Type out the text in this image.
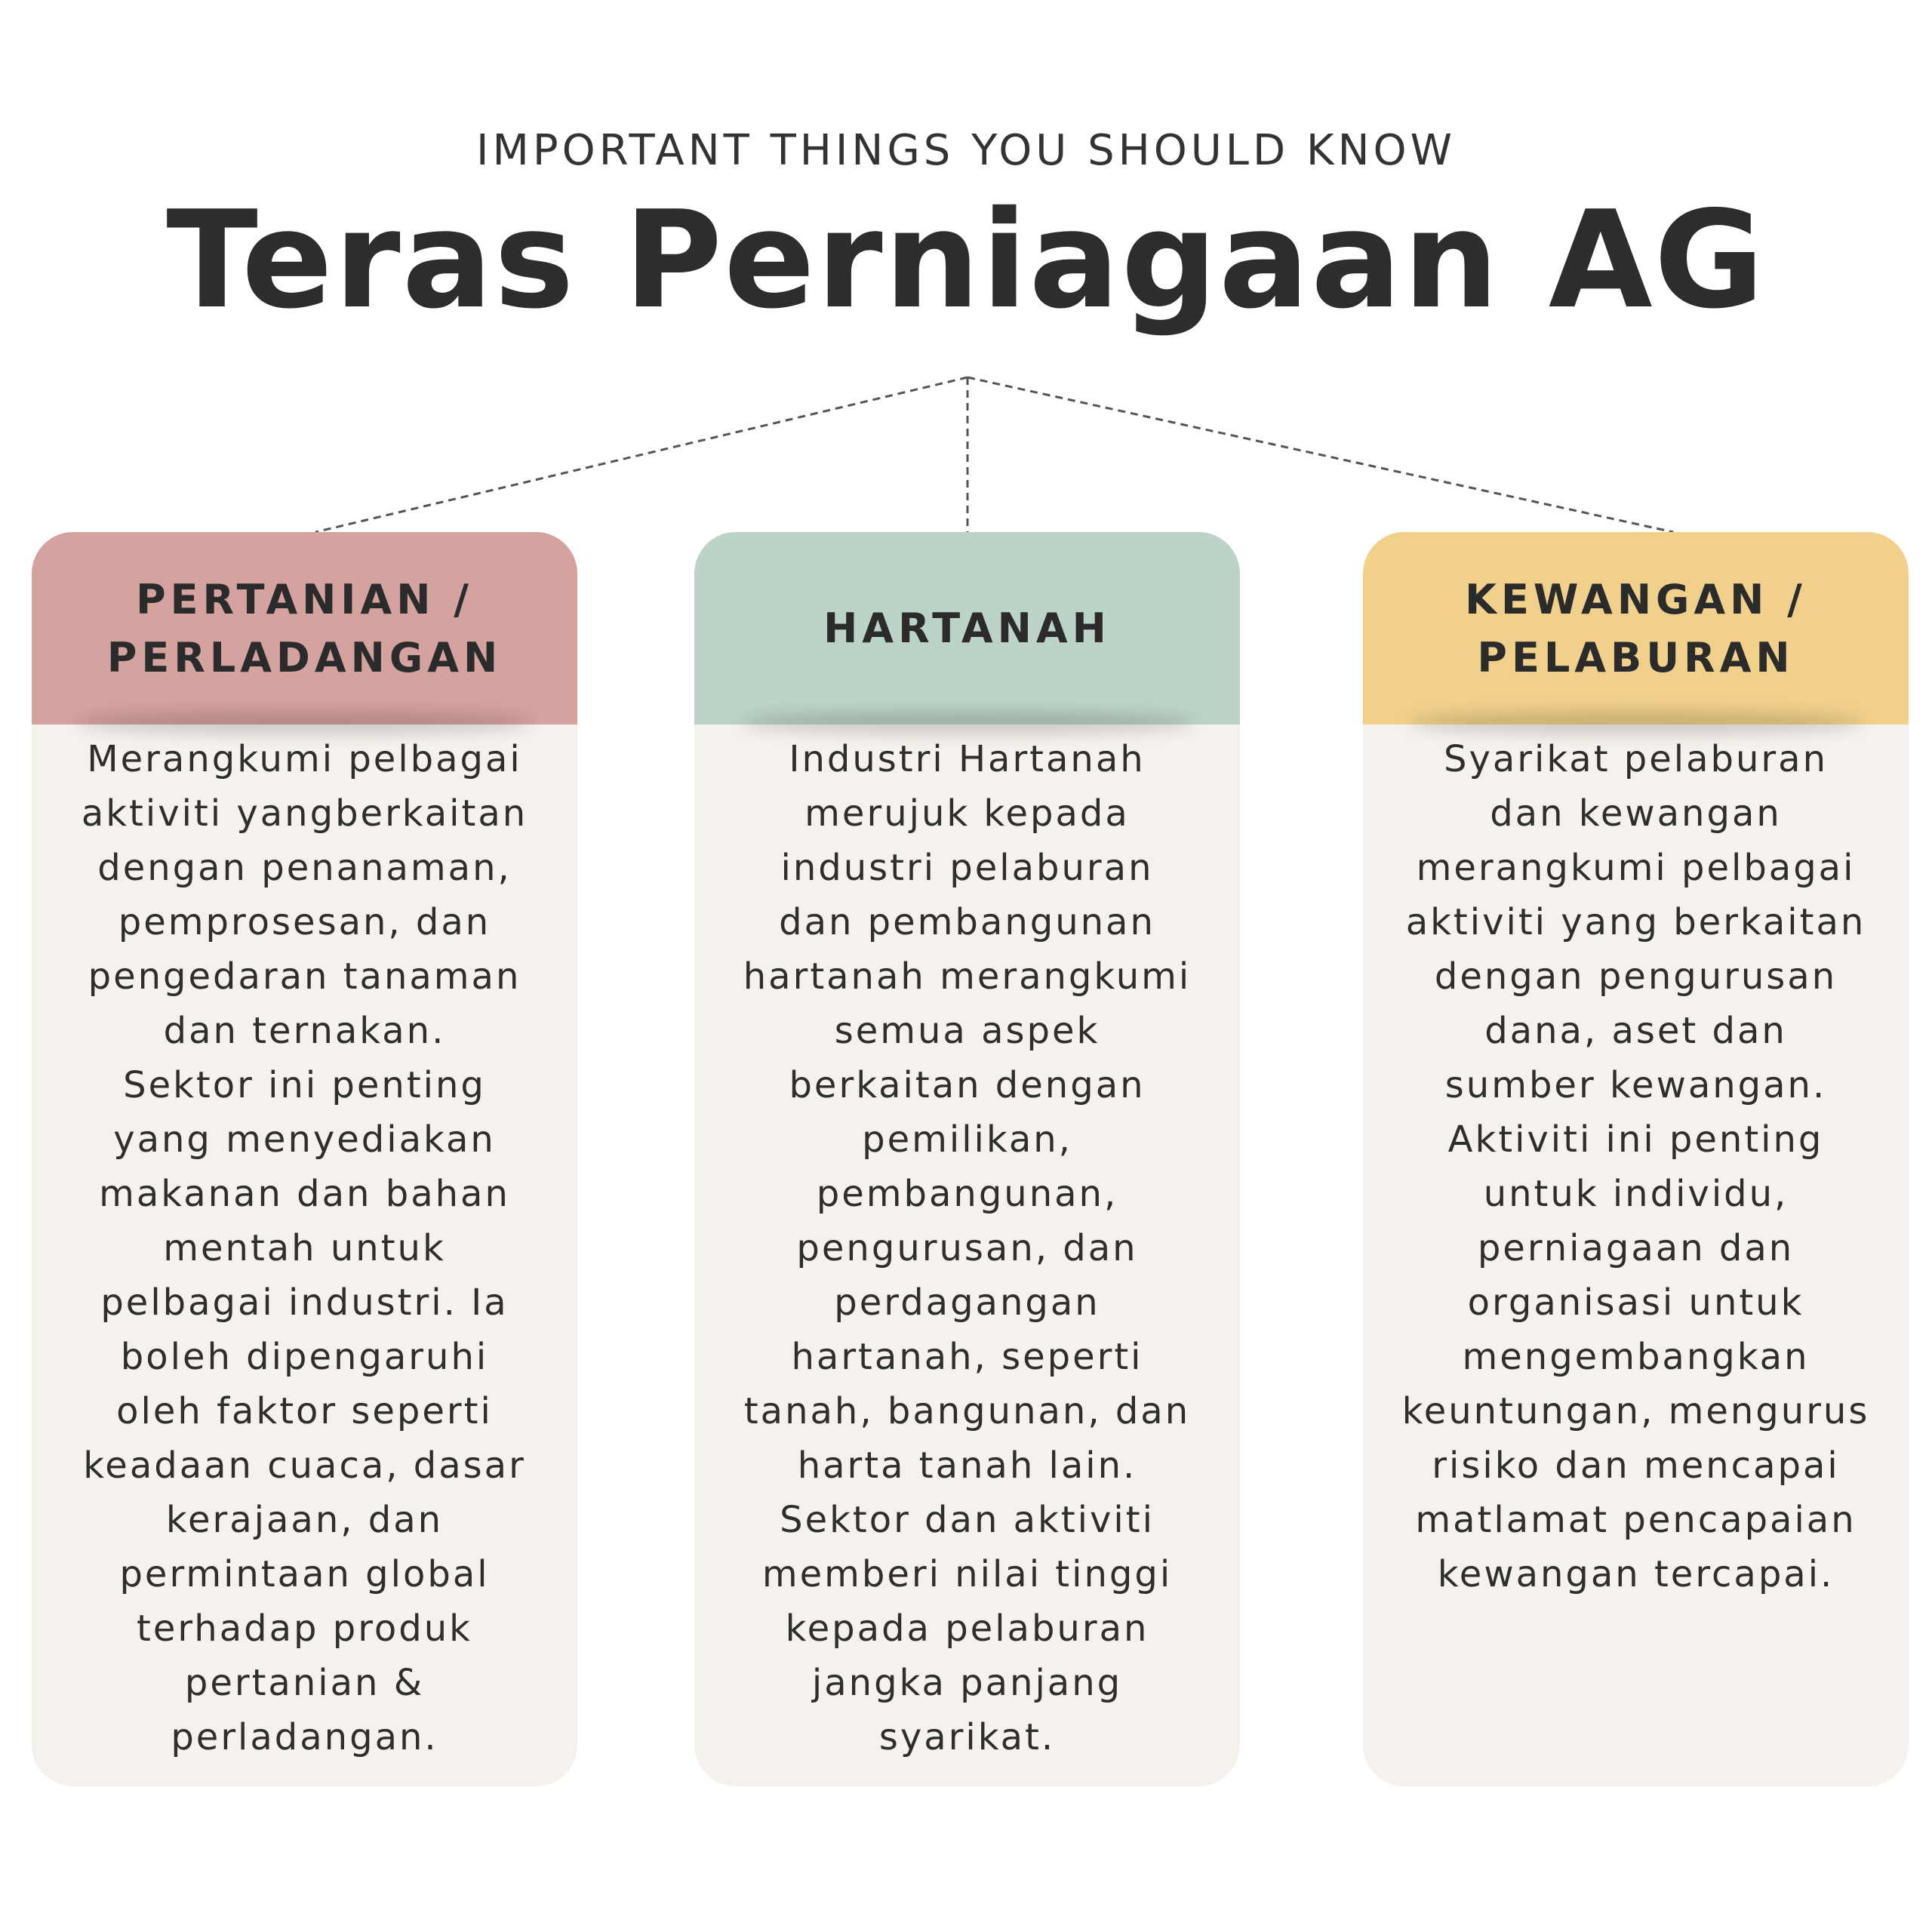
IMPORTANT THINGS YOU SHOULD KNOW
Teras Perniagaan AG
PERTANIAN /
PERLADANGAN
Merangkumi pelbagai
aktiviti yangberkaitan
dengan penanaman,
pemprosesan, dan
pengedaran tanaman
dan ternakan.
Sektor ini penting
yang menyediakan
makanan dan bahan
mentah untuk
pelbagai industri. Ia
boleh dipengaruhi
oleh faktor seperti
keadaan cuaca, dasar
kerajaan, dan
permintaan global
terhadap produk
pertanian &
perladangan.
HARTANAH
Industri Hartanah
merujuk kepada
industri pelaburan
dan pembangunan
hartanah merangkumi
semua aspek
berkaitan dengan
pemilikan,
pembangunan,
pengurusan, dan
perdagangan
hartanah, seperti
tanah, bangunan, dan
harta tanah lain.
Sektor dan aktiviti
memberi nilai tinggi
kepada pelaburan
jangka panjang
syarikat.
KEWANGAN /
PELABURAN
Syarikat pelaburan
dan kewangan
merangkumi pelbagai
aktiviti yang berkaitan
dengan pengurusan
dana, aset dan
sumber kewangan.
Aktiviti ini penting
untuk individu,
perniagaan dan
organisasi untuk
mengembangkan
keuntungan, mengurus
risiko dan mencapai
matlamat pencapaian
kewangan tercapai.
